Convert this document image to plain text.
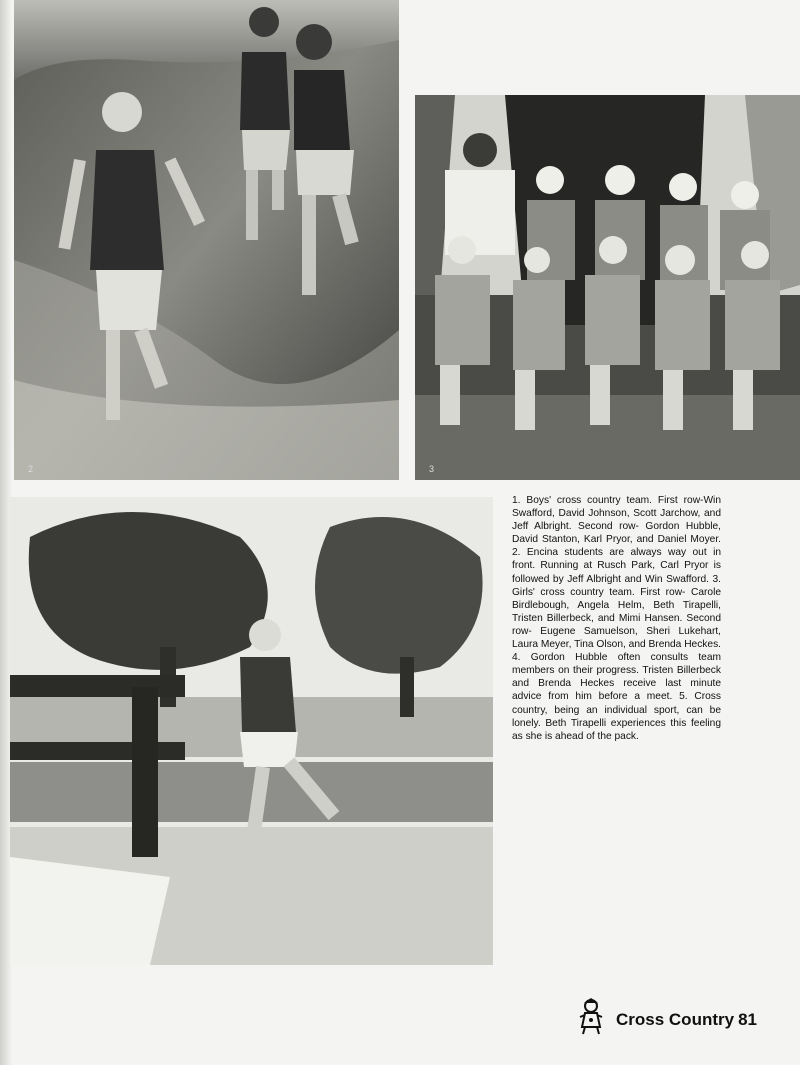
2	3
1. Boys' cross country team. First row-Win Swafford, David Johnson, Scott Jarchow, and Jeff Albright. Second row- Gordon Hubble, David Stanton, Karl Pryor, and Daniel Moyer. 2. Encina students are always way out in front. Running at Rusch Park, Carl Pryor is followed by Jeff Albright and Win Swafford. 3. Girls' cross country team. First row- Carole Birdlebough, Angela Helm, Beth Tirapelli, Tristen Billerbeck, and Mimi Hansen. Second row- Eugene Samuelson, Sheri Lukehart, Laura Meyer, Tina Olson, and Brenda Heckes. 4. Gordon Hubble often consults team members on their progress. Tristen Billerbeck and Brenda Heckes receive last minute advice from him before a meet. 5. Cross country, being an individual sport, can be lonely. Beth Tirapelli experiences this feeling as she is ahead of the pack.
Cross Country 81
